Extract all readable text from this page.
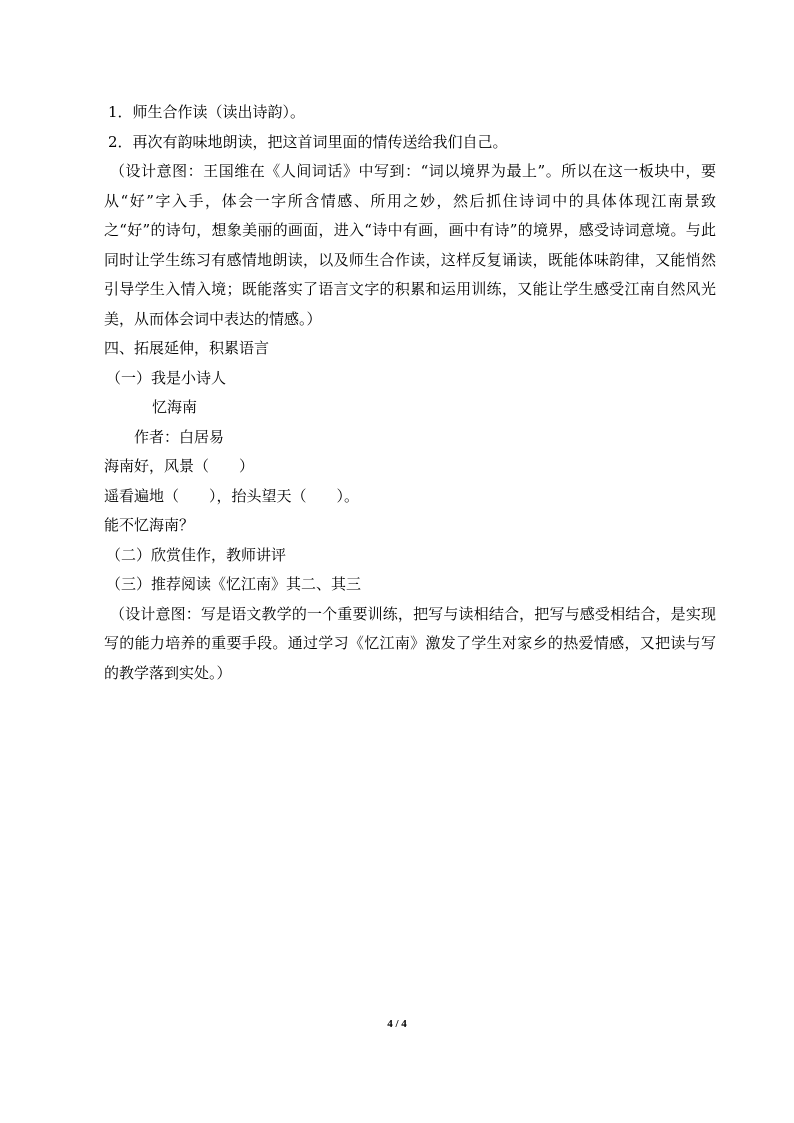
1．师生合作读（读出诗韵）。
2．再次有韵味地朗读，把这首词里面的情传送给我们自己。
（设计意图：王国维在《人间词话》中写到：“词以境界为最上”。所以在这一板块中，要从“好”字入手，体会一字所含情感、所用之妙，然后抓住诗词中的具体体现江南景致之“好”的诗句，想象美丽的画面，进入“诗中有画，画中有诗”的境界，感受诗词意境。与此同时让学生练习有感情地朗读，以及师生合作读，这样反复诵读，既能体味韵律，又能悄然引导学生入情入境；既能落实了语言文字的积累和运用训练，又能让学生感受江南自然风光美，从而体会词中表达的情感。）
四、拓展延伸，积累语言
（一）我是小诗人
忆海南
作者：白居易
海南好，风景（　　）
遥看遍地（　　），抬头望天（　　）。
能不忆海南？
（二）欣赏佳作，教师讲评
（三）推荐阅读《忆江南》其二、其三
（设计意图：写是语文教学的一个重要训练，把写与读相结合，把写与感受相结合，是实现写的能力培养的重要手段。通过学习《忆江南》激发了学生对家乡的热爱情感，又把读与写的教学落到实处。）
4 / 4
